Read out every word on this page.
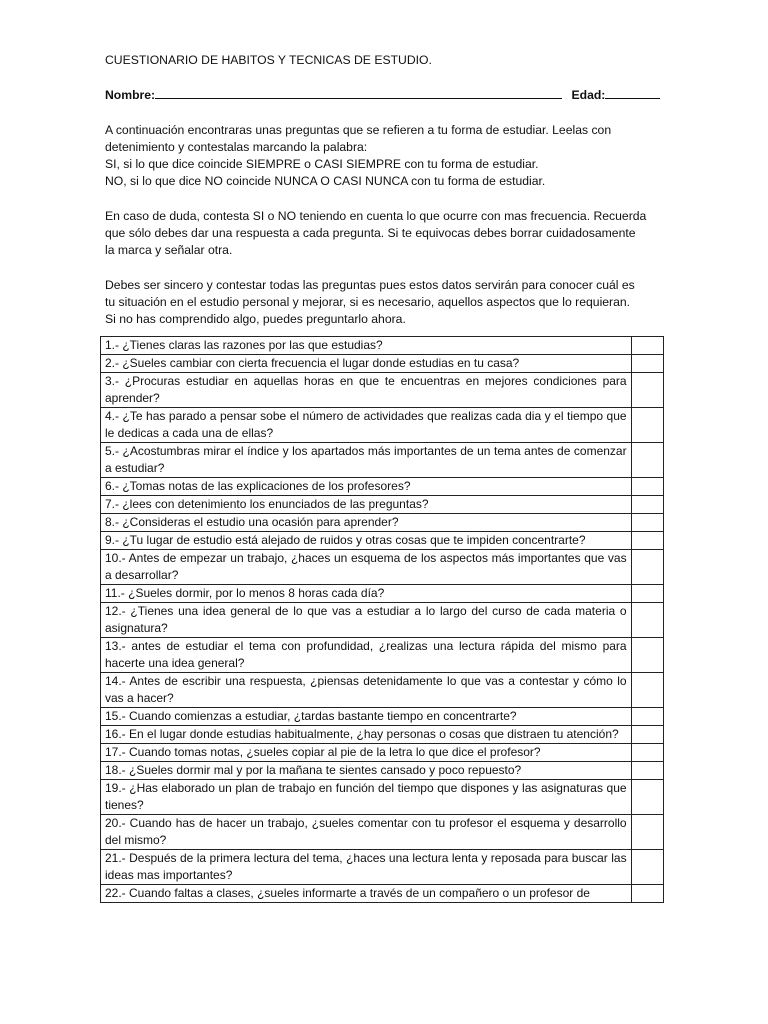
CUESTIONARIO DE HABITOS Y TECNICAS DE ESTUDIO.
Nombre:	Edad:
A continuación encontraras unas preguntas que se refieren a tu forma de estudiar. Leelas con
detenimiento y contestalas marcando la palabra:
SI, si lo que dice coincide SIEMPRE o CASI SIEMPRE con tu forma de estudiar.
NO, si lo que dice NO coincide NUNCA O CASI NUNCA con tu forma de estudiar.
En caso de duda, contesta SI o NO teniendo en cuenta lo que ocurre con mas frecuencia. Recuerda
que sólo debes dar una respuesta a cada pregunta. Si te equivocas debes borrar cuidadosamente
la marca y señalar otra.
Debes ser sincero y contestar todas las preguntas pues estos datos servirán para conocer cuál es
tu situación en el estudio personal y mejorar, si es necesario, aquellos aspectos que lo requieran.
Si no has comprendido algo, puedes preguntarlo ahora.
1.- ¿Tienes claras las razones por las que estudias?	
2.- ¿Sueles cambiar con cierta frecuencia el lugar donde estudias en tu casa?	
3.- ¿Procuras estudiar en aquellas horas en que te encuentras en mejores condiciones para aprender?	
4.- ¿Te has parado a pensar sobe el número de actividades que realizas cada dia y el tiempo que le dedicas a cada una de ellas?	
5.- ¿Acostumbras mirar el índice y los apartados más importantes de un tema antes de comenzar a estudiar?	
6.- ¿Tomas notas de las explicaciones de los profesores?	
7.- ¿lees con detenimiento los enunciados de las preguntas?	
8.- ¿Consideras el estudio una ocasión para aprender?	
9.- ¿Tu lugar de estudio está alejado de ruidos y otras cosas que te impiden concentrarte?	
10.- Antes de empezar un trabajo, ¿haces un esquema de los aspectos más importantes que vas a desarrollar?	
11.- ¿Sueles dormir, por lo menos 8 horas cada día?	
12.- ¿Tienes una idea general de lo que vas a estudiar a lo largo del curso de cada materia o asignatura?	
13.- antes de estudiar el tema con profundidad, ¿realizas una lectura rápida del mismo para hacerte una idea general?	
14.- Antes de escribir una respuesta, ¿piensas detenidamente lo que vas a contestar y cómo lo vas a hacer?	
15.- Cuando comienzas a estudiar, ¿tardas bastante tiempo en concentrarte?	
16.- En el lugar donde estudias habitualmente, ¿hay personas o cosas que distraen tu atención?	
17.- Cuando tomas notas, ¿sueles copiar al pie de la letra lo que dice el profesor?	
18.- ¿Sueles dormir mal y por la mañana te sientes cansado y poco repuesto?	
19.- ¿Has elaborado un plan de trabajo en función del tiempo que dispones y las asignaturas que tienes?	
20.- Cuando has de hacer un trabajo, ¿sueles comentar con tu profesor el esquema y desarrollo del mismo?	
21.- Después de la primera lectura del tema, ¿haces una lectura lenta y reposada para buscar las ideas mas importantes?	
22.- Cuando faltas a clases, ¿sueles informarte a través de un compañero o un profesor de	
